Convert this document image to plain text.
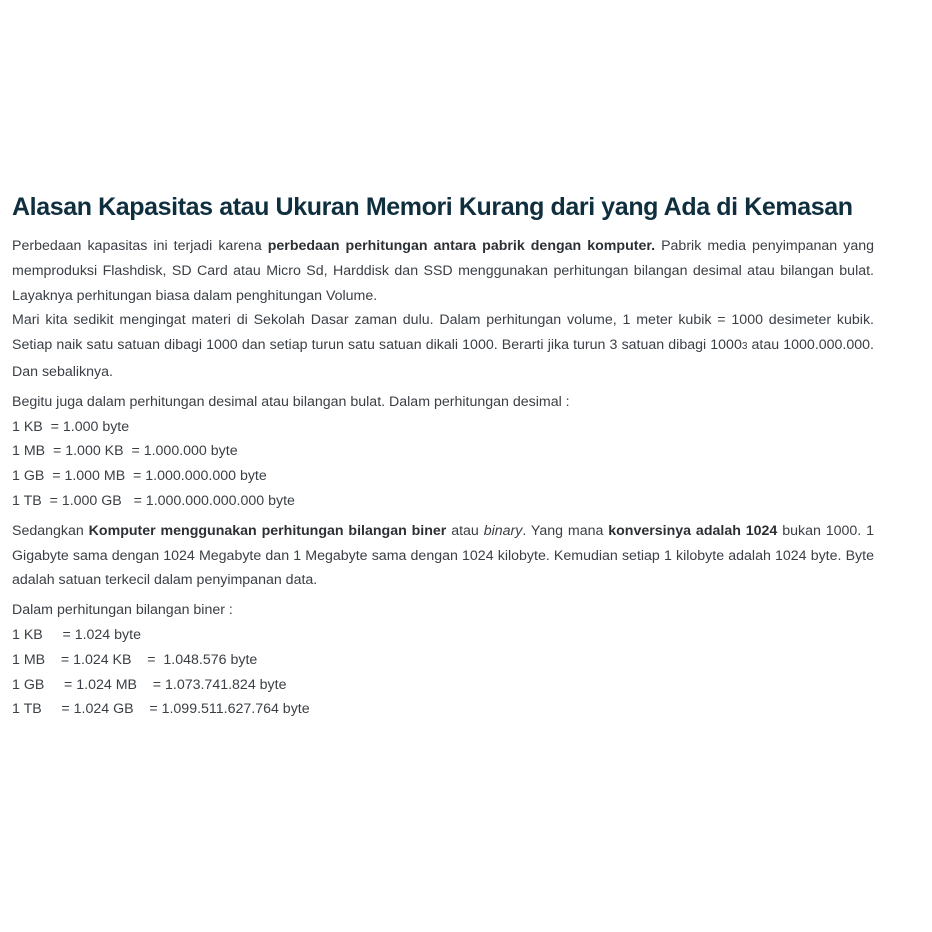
Alasan Kapasitas atau Ukuran Memori Kurang dari yang Ada di Kemasan

Perbedaan kapasitas ini terjadi karena perbedaan perhitungan antara pabrik dengan komputer. Pabrik media penyimpanan yang memproduksi Flashdisk, SD Card atau Micro Sd, Harddisk dan SSD menggunakan perhitungan bilangan desimal atau bilangan bulat. Layaknya perhitungan biasa dalam penghitungan Volume.

Mari kita sedikit mengingat materi di Sekolah Dasar zaman dulu. Dalam perhitungan volume, 1 meter kubik = 1000 desimeter kubik. Setiap naik satu satuan dibagi 1000 dan setiap turun satu satuan dikali 1000. Berarti jika turun 3 satuan dibagi 10003 atau 1000.000.000. Dan sebaliknya.

Begitu juga dalam perhitungan desimal atau bilangan bulat. Dalam perhitungan desimal :

1 KB  = 1.000 byte
1 MB  = 1.000 KB  = 1.000.000 byte
1 GB  = 1.000 MB  = 1.000.000.000 byte
1 TB  = 1.000 GB   = 1.000.000.000.000 byte

Sedangkan Komputer menggunakan perhitungan bilangan biner atau binary. Yang mana konversinya adalah 1024 bukan 1000. 1 Gigabyte sama dengan 1024 Megabyte dan 1 Megabyte sama dengan 1024 kilobyte. Kemudian setiap 1 kilobyte adalah 1024 byte. Byte adalah satuan terkecil dalam penyimpanan data.

Dalam perhitungan bilangan biner :

1 KB     = 1.024 byte
1 MB    = 1.024 KB    =  1.048.576 byte
1 GB     = 1.024 MB    = 1.073.741.824 byte
1 TB     = 1.024 GB    = 1.099.511.627.764 byte
